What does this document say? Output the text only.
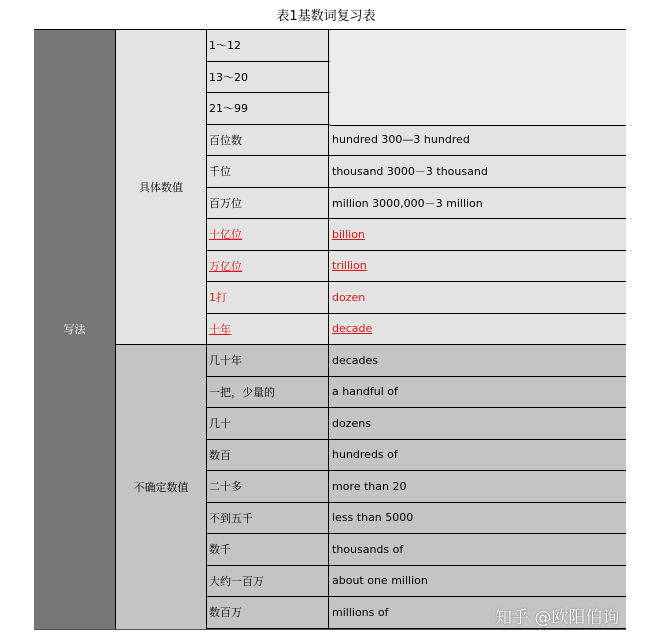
表1基数词复习表
写法
具体数值
不确定数值
1～12
13～20
21～99
百位数	hundred 300—3 hundred
千位	thousand 3000－3 thousand
百万位	million 3000,000－3 million
十亿位	billion
万亿位	trillion
1打	dozen
十年	decade
几十年	decades
一把，少量的	a handful of
几十	dozens
数百	hundreds of
二十多	more than 20
不到五千	less than 5000
数千	thousands of
大约一百万	about one million
数百万	millions of	知乎 @欧阳伯询
